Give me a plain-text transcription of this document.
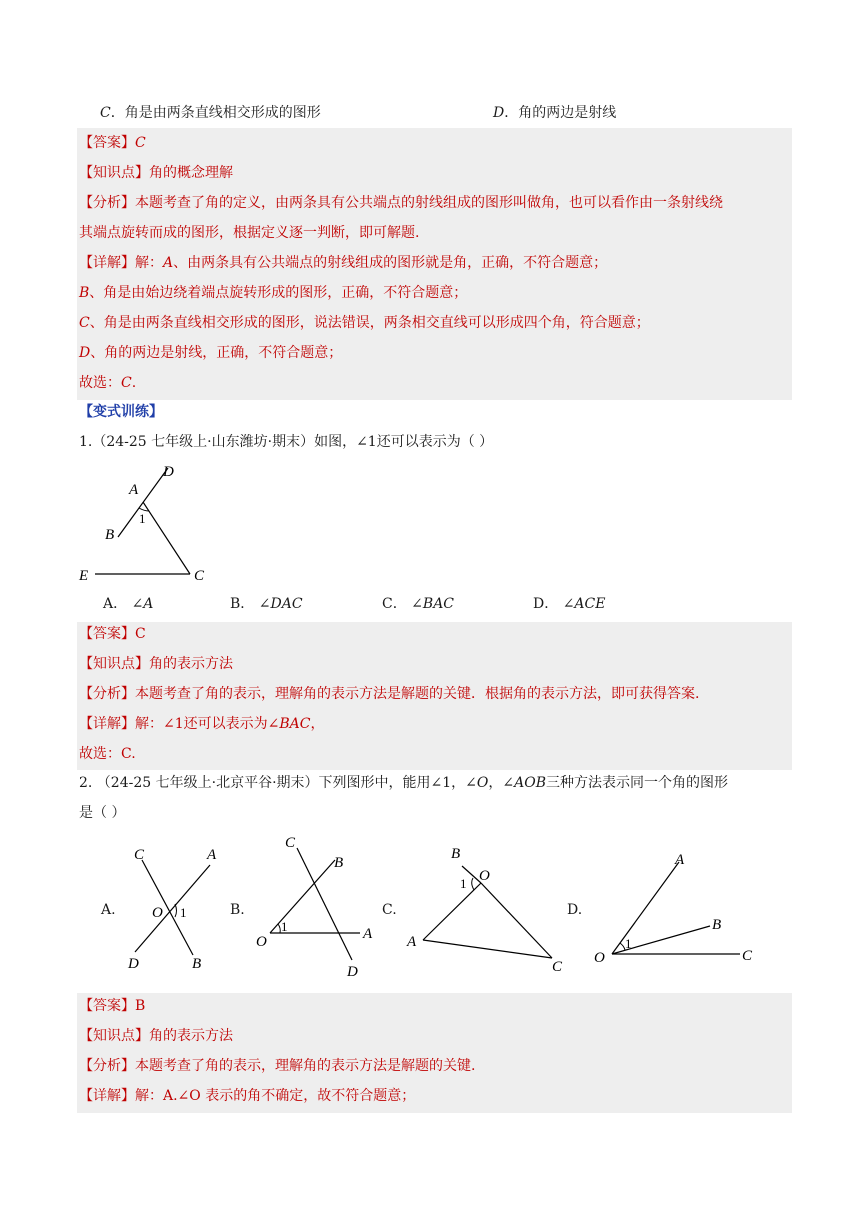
C．角是由两条直线相交形成的图形	D．角的两边是射线
【答案】C
【知识点】角的概念理解
【分析】本题考查了角的定义，由两条具有公共端点的射线组成的图形叫做角，也可以看作由一条射线绕
其端点旋转而成的图形，根据定义逐一判断，即可解题.
【详解】解：A、由两条具有公共端点的射线组成的图形就是角，正确，不符合题意；
B、角是由始边绕着端点旋转形成的图形，正确，不符合题意；
C、角是由两条直线相交形成的图形，说法错误，两条相交直线可以形成四个角，符合题意；
D、角的两边是射线，正确，不符合题意；
故选：C.
【变式训练】
1.（24-25 七年级上·山东潍坊·期末）如图，∠1还可以表示为（ ）
D
A
1
B
E	C
A． ∠A	B． ∠DAC	C． ∠BAC	D． ∠ACE
【答案】C
【知识点】角的表示方法
【分析】本题考查了角的表示，理解角的表示方法是解题的关键．根据角的表示方法，即可获得答案.
【详解】解：∠1还可以表示为∠BAC，
故选：C.
2. （24-25 七年级上·北京平谷·期末）下列图形中，能用∠1，∠O，∠AOB三种方法表示同一个角的图形
是（ ）
A.	B.	C.	D.
C	A
O 1
D	B
C
B
1
O	A
D
B
1 O
A
C
A
B
O
1
C
【答案】B
【知识点】角的表示方法
【分析】本题考查了角的表示，理解角的表示方法是解题的关键.
【详解】解：A.∠O 表示的角不确定，故不符合题意；
